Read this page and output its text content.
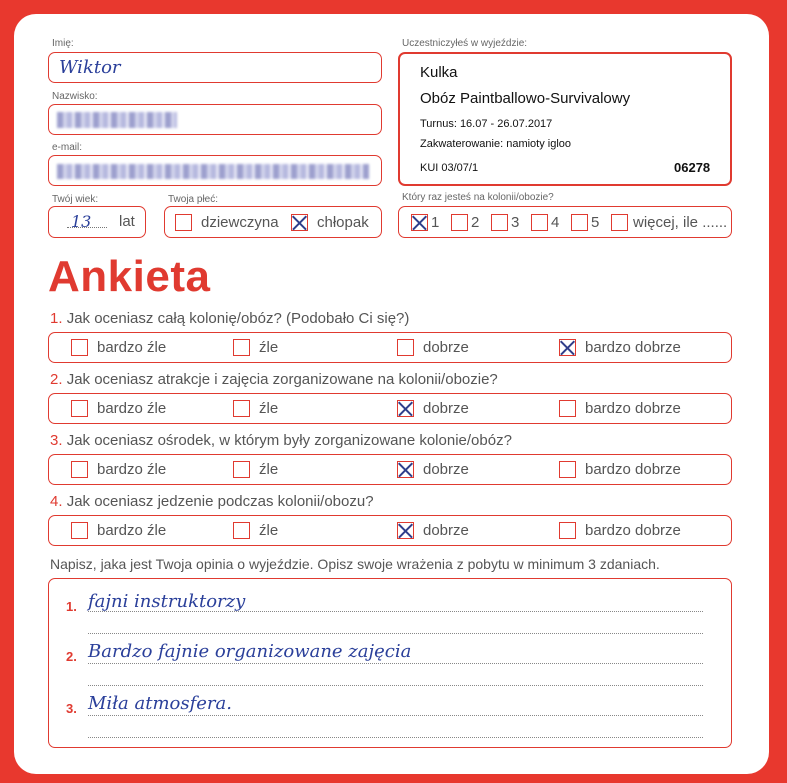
Imię:
Wiktor
Nazwisko:
e-mail:
Twój wiek:
13 lat
Twoja płeć:
dziewczyna	chłopak
Uczestniczyłeś w wyjeździe:
Kulka
Obóz Paintballowo-Survivalowy
Turnus: 16.07 - 26.07.2017
Zakwaterowanie: namioty igloo
KUI 03/07/1	06278
Który raz jesteś na kolonii/obozie?
1 2 3 4 5 więcej, ile ......
Ankieta
1. Jak oceniasz całą kolonię/obóz? (Podobało Ci się?)
bardzo źle	źle	dobrze	bardzo dobrze
2. Jak oceniasz atrakcje i zajęcia zorganizowane na kolonii/obozie?
bardzo źle	źle	dobrze	bardzo dobrze
3. Jak oceniasz ośrodek, w którym były zorganizowane kolonie/obóz?
bardzo źle	źle	dobrze	bardzo dobrze
4. Jak oceniasz jedzenie podczas kolonii/obozu?
bardzo źle	źle	dobrze	bardzo dobrze
Napisz, jaka jest Twoja opinia o wyjeździe. Opisz swoje wrażenia z pobytu w minimum 3 zdaniach.
1. fajni instruktorzy
2. Bardzo fajnie organizowane zajęcia
3. Miła atmosfera.
